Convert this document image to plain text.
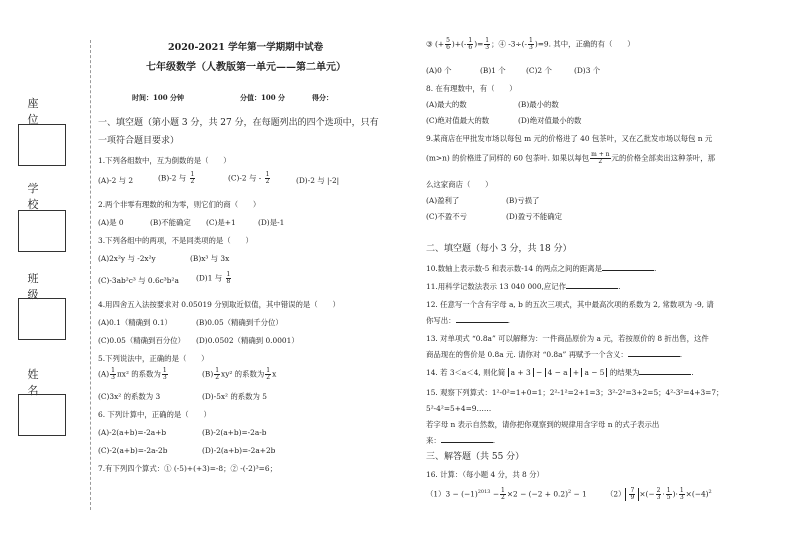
座 位
学 校
班 级
姓 名
2020-2021 学年第一学期期中试卷
七年级数学（人教版第一单元——第二单元）
时间：100 分钟	分值：100 分	得分：
一、填空题（第小题 3 分，共 27 分，在每题列出的四个选项中，只有
一项符合题目要求）
1.下列各组数中，互为倒数的是（　　）
(A)-2 与 2	(B)-2 与 $\frac{1}{2}$	(C)-2 与 - $\frac{1}{2}$	(D)-2 与 |-2|
2.两个非零有理数的和为零，则它们的商（　　）
(A)是 0	(B)不能确定 (C)是+1	(D)是-1
3.下列各组中的两项，不是同类项的是（　　）
(A)2x²y 与 -2x²y	(B)x³ 与 3x
(C)-3ab²c³ 与 0.6c³b²a (D)1 与 $\frac{1}{8}$
4.用四舍五入法按要求对 0.05019 分别取近似值，其中错误的是（　　）
(A)0.1（精确到 0.1）	(B)0.05（精确到千分位）
(C)0.05（精确到百分位） (D)0.0502（精确到 0.0001）
5.下列说法中，正确的是（　　）
$(A) \frac{1}{3} \pi x^2$ 的系数为 $\frac{1}{3}$	$(B) \frac{1}{2} xy^2$ 的系数为 $\frac{1}{2}$ x
(C)3x² 的系数为 3	(D)-5x² 的系数为 5
6. 下列计算中，正确的是（　　）
(A)-2(a+b)=-2a+b	(B)-2(a+b)=-2a-b
(C)-2(a+b)=-2a-2b	(D)-2(a+b)=-2a+2b
7.有下列四个算式：① (-5)+(+3)=-8；② -(-2)³=6；
③ (+ $\frac{5}{6}$ )+(- $\frac{1}{6}$ )= $\frac{1}{3}$ ；④ $-3\div(- \frac{1}{3} )=9$. 其中，正确的有（　　）
(A)0 个	(B)1 个	(C)2 个	(D)3 个
8. 在有理数中，有（　　）
(A)最大的数	(B)最小的数
(C)绝对值最大的数	(D)绝对值最小的数
9.某商店在甲批发市场以每包 m 元的价格进了 40 包茶叶，又在乙批发市场以每包 n 元
(m>n) 的价格进了同样的 60 包茶叶. 如果以每包 $\frac{m + n}{2}$ 元的价格全部卖出这种茶叶，那
么这家商店（　　）
(A)盈利了	(B)亏损了
(C)不盈不亏	(D)盈亏不能确定
二、填空题（每小 3 分，共 18 分）
10.数轴上表示数-5 和表示数-14 的两点之间的距离是	.
11.用科学记数法表示 13 040 000,应记作	.
12. 任意写一个含有字母 a, b 的五次三项式，其中最高次项的系数为 2, 常数项为 -9, 请
你写出：	.
13. 对单项式 “0.8a” 可以解释为：一件商品原价为 a 元，若按原价的 8 折出售，这件
商品现在的售价是 0.8a 元. 请你对 “0.8a” 再赋予一个含义：	.
14. 若 3＜a＜4, 则化简 a + 3 − 4 − a + a − 5 的结果为	.
15. 观察下列算式：1²-0²=1+0=1；2²-1²=2+1=3；3²-2²=3+2=5；4²-3²=4+3=7；
5²-4²=5+4=9……
若字母 n 表示自然数，请你把你观察到的规律用含字母 n 的式子表示出
来：	.
三、解答题（共 55 分）
16. 计算：（每小题 4 分，共 8 分）
$(1)3 - (-1)^{2013} - \frac{1}{2} \times 2 - (-2 + 0.2)^2 - 1$	$(2) \frac{7}{9}$ ×(− $\frac{2}{3} \cdot \frac{1}{5}$ )· $\frac{1}{3} \times(-4)^2$
